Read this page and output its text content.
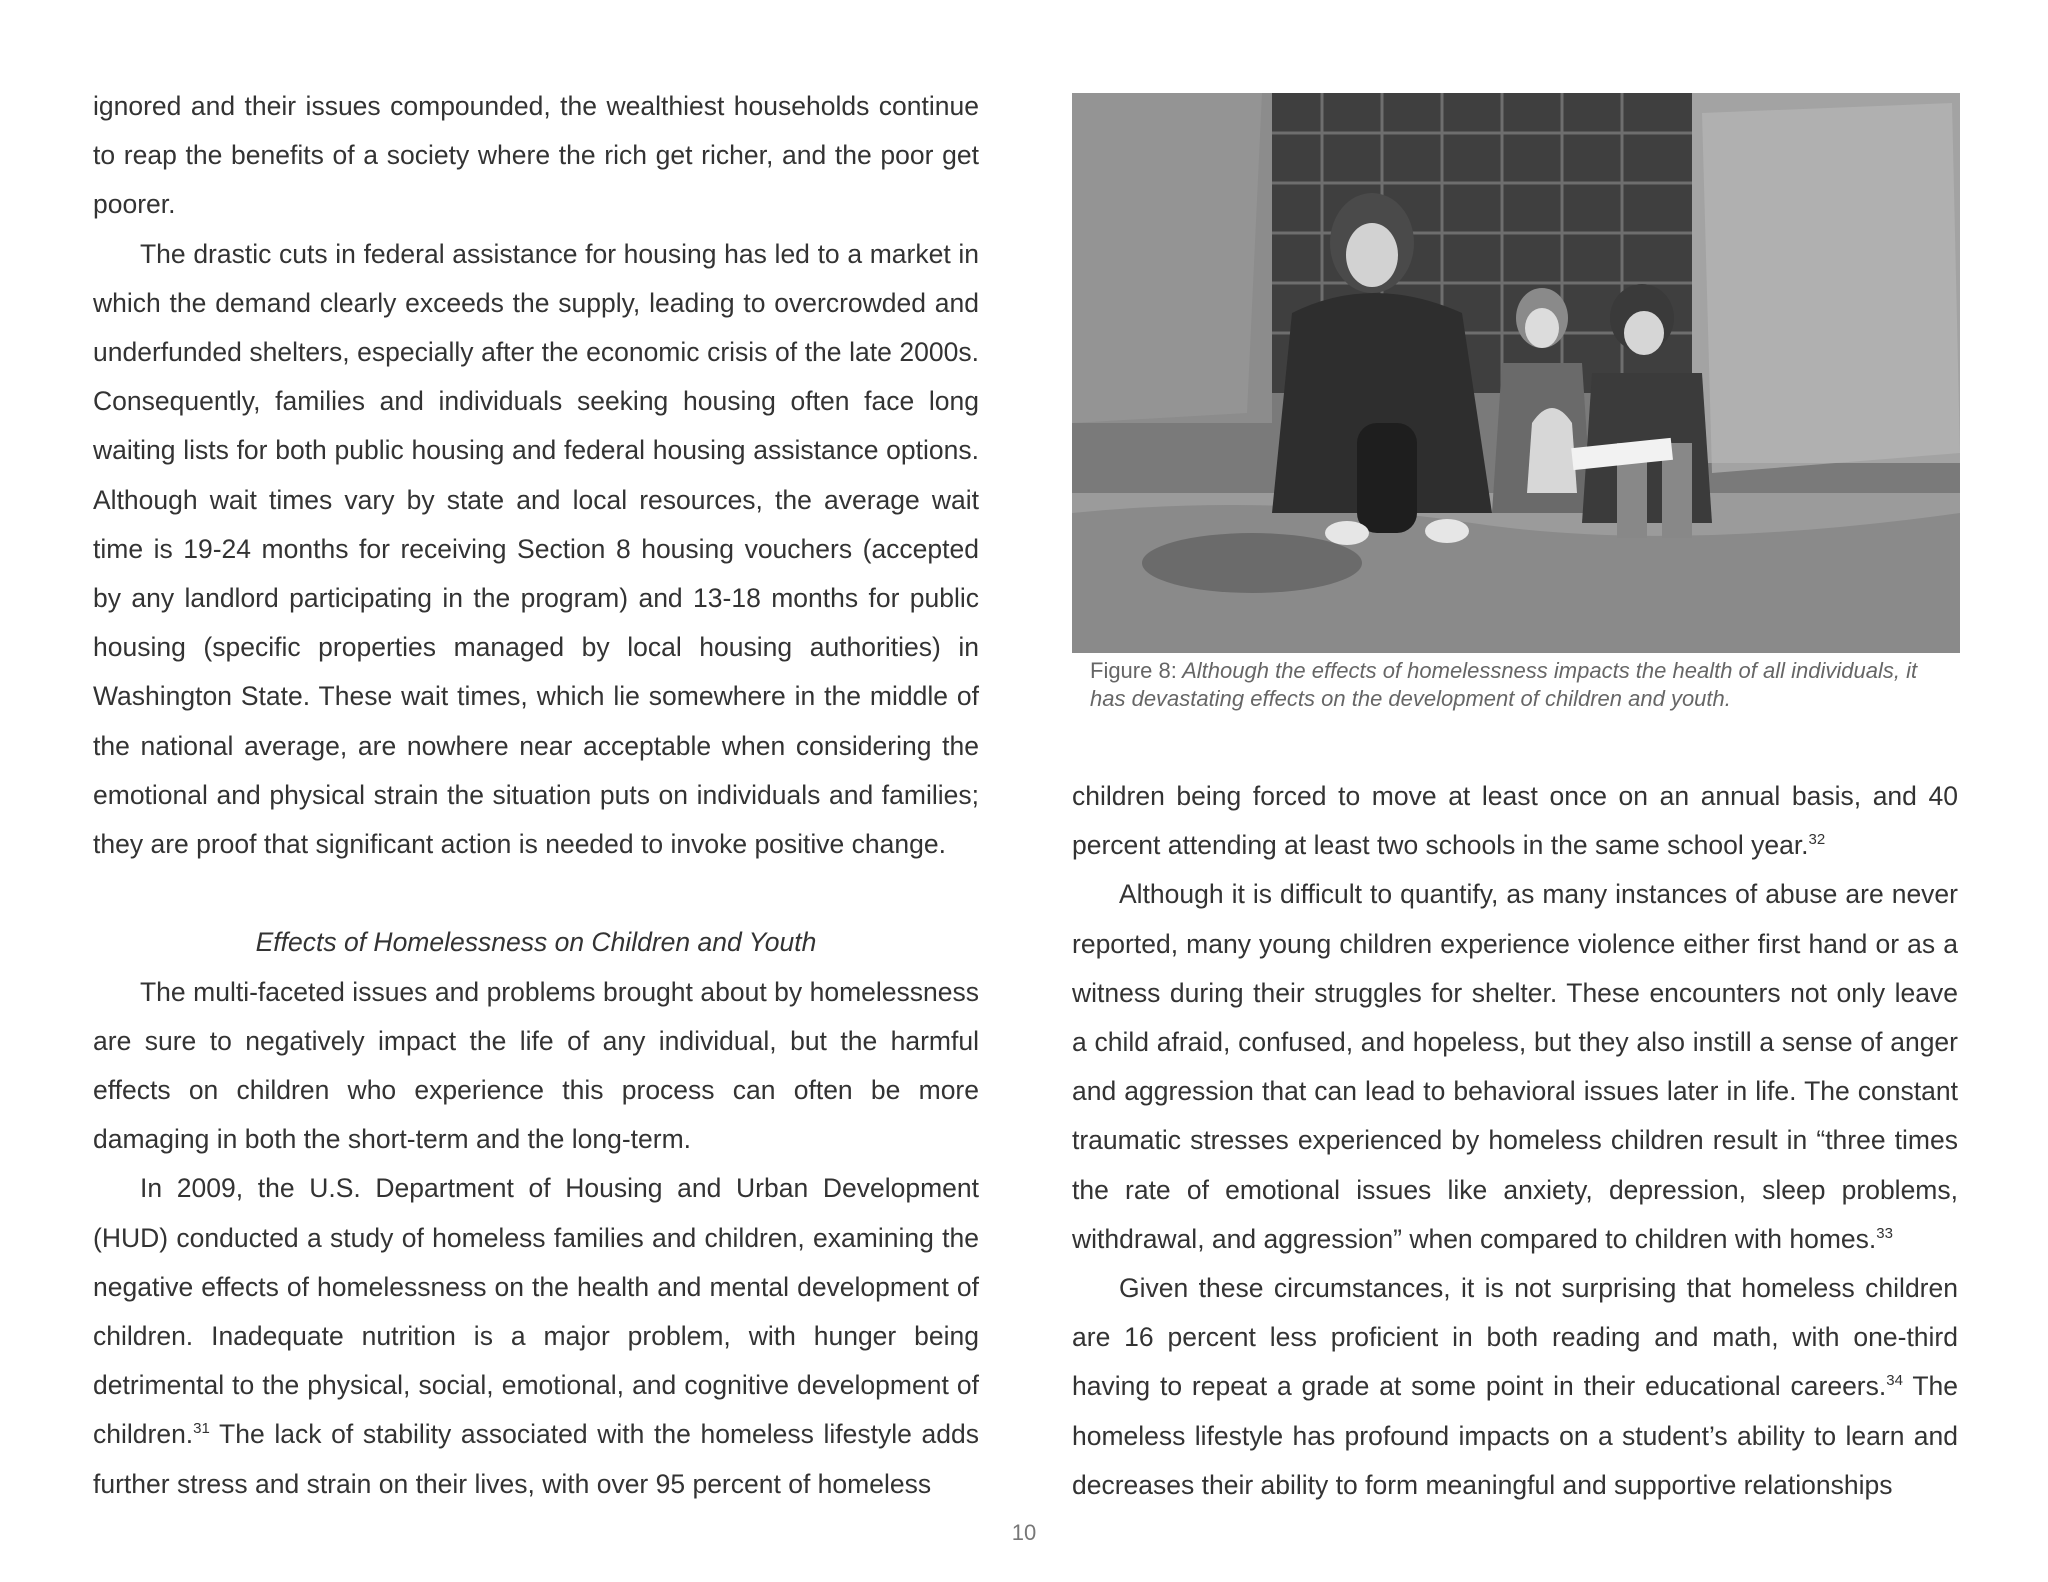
ignored and their issues compounded, the wealthiest households continue to reap the benefits of a society where the rich get richer, and the poor get poorer.

The drastic cuts in federal assistance for housing has led to a market in which the demand clearly exceeds the supply, leading to overcrowded and underfunded shelters, especially after the economic crisis of the late 2000s. Consequently, families and individuals seeking housing often face long waiting lists for both public housing and federal housing assistance options. Although wait times vary by state and local resources, the average wait time is 19-24 months for receiving Section 8 housing vouchers (accepted by any landlord participating in the program) and 13-18 months for public housing (specific properties managed by local housing authorities) in Washington State. These wait times, which lie somewhere in the middle of the national average, are nowhere near acceptable when considering the emotional and physical strain the situation puts on individuals and families; they are proof that significant action is needed to invoke positive change.

Effects of Homelessness on Children and Youth

The multi-faceted issues and problems brought about by homelessness are sure to negatively impact the life of any individual, but the harmful effects on children who experience this process can often be more damaging in both the short-term and the long-term.

In 2009, the U.S. Department of Housing and Urban Development (HUD) conducted a study of homeless families and children, examining the negative effects of homelessness on the health and mental development of children. Inadequate nutrition is a major problem, with hunger being detrimental to the physical, social, emotional, and cognitive development of children.$^{31}$ The lack of stability associated with the homeless lifestyle adds further stress and strain on their lives, with over 95 percent of homeless

Figure 8: Although the effects of homelessness impacts the health of all individuals, it has devastating effects on the development of children and youth.

children being forced to move at least once on an annual basis, and 40 percent attending at least two schools in the same school year.$^{32}$

Although it is difficult to quantify, as many instances of abuse are never reported, many young children experience violence either first hand or as a witness during their struggles for shelter. These encounters not only leave a child afraid, confused, and hopeless, but they also instill a sense of anger and aggression that can lead to behavioral issues later in life. The constant traumatic stresses experienced by homeless children result in “three times the rate of emotional issues like anxiety, depression, sleep problems, withdrawal, and aggression” when compared to children with homes.$^{33}$

Given these circumstances, it is not surprising that homeless children are 16 percent less proficient in both reading and math, with one-third having to repeat a grade at some point in their educational careers.$^{34}$ The homeless lifestyle has profound impacts on a student’s ability to learn and decreases their ability to form meaningful and supportive relationships

10
